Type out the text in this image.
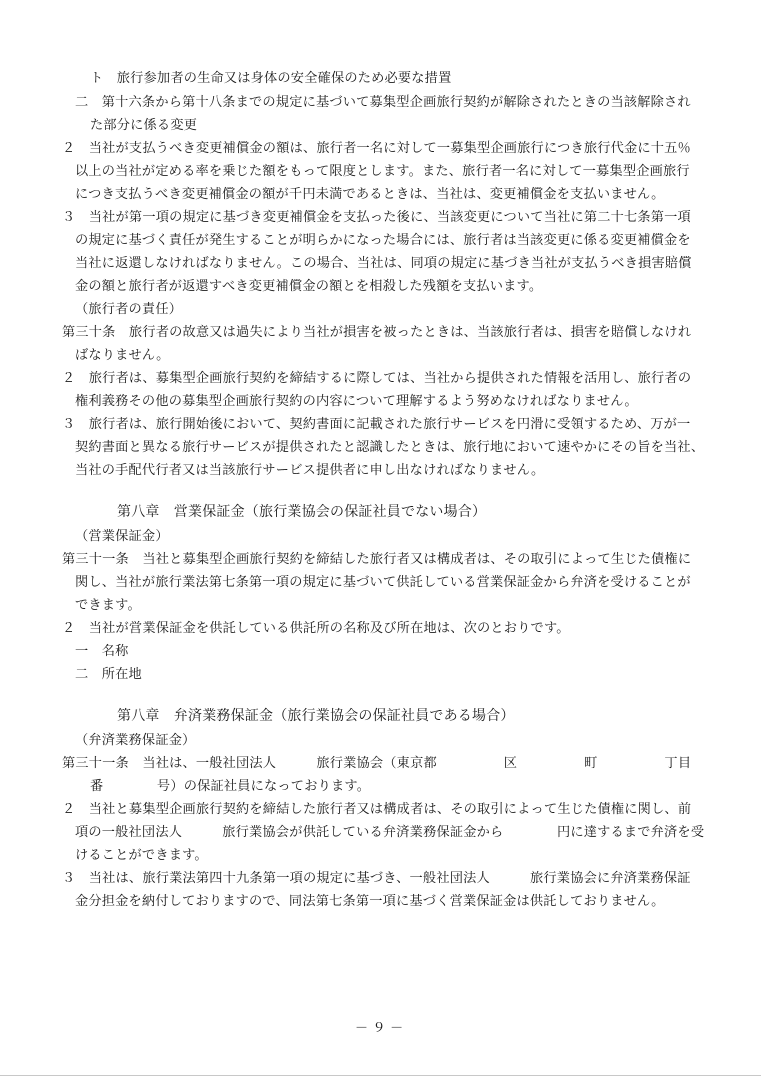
ト　旅行参加者の生命又は身体の安全確保のため必要な措置
二　第十六条から第十八条までの規定に基づいて募集型企画旅行契約が解除されたときの当該解除され
た部分に係る変更
２　当社が支払うべき変更補償金の額は、旅行者一名に対して一募集型企画旅行につき旅行代金に十五％
以上の当社が定める率を乗じた額をもって限度とします。また、旅行者一名に対して一募集型企画旅行
につき支払うべき変更補償金の額が千円未満であるときは、当社は、変更補償金を支払いません。
３　当社が第一項の規定に基づき変更補償金を支払った後に、当該変更について当社に第二十七条第一項
の規定に基づく責任が発生することが明らかになった場合には、旅行者は当該変更に係る変更補償金を
当社に返還しなければなりません。この場合、当社は、同項の規定に基づき当社が支払うべき損害賠償
金の額と旅行者が返還すべき変更補償金の額とを相殺した残額を支払います。
（旅行者の責任）
第三十条　旅行者の故意又は過失により当社が損害を被ったときは、当該旅行者は、損害を賠償しなけれ
ばなりません。
２　旅行者は、募集型企画旅行契約を締結するに際しては、当社から提供された情報を活用し、旅行者の
権利義務その他の募集型企画旅行契約の内容について理解するよう努めなければなりません。
３　旅行者は、旅行開始後において、契約書面に記載された旅行サービスを円滑に受領するため、万が一
契約書面と異なる旅行サービスが提供されたと認識したときは、旅行地において速やかにその旨を当社、
当社の手配代行者又は当該旅行サービス提供者に申し出なければなりません。
第八章　営業保証金（旅行業協会の保証社員でない場合）
（営業保証金）
第三十一条　当社と募集型企画旅行契約を締結した旅行者又は構成者は、その取引によって生じた債権に
関し、当社が旅行業法第七条第一項の規定に基づいて供託している営業保証金から弁済を受けることが
できます。
２　当社が営業保証金を供託している供託所の名称及び所在地は、次のとおりです。
一　名称
二　所在地
第八章　弁済業務保証金（旅行業協会の保証社員である場合）
（弁済業務保証金）
第三十一条　当社は、一般社団法人　　　旅行業協会（東京都　　　　　区　　　　　町　　　　　丁目
番　　　　号）の保証社員になっております。
２　当社と募集型企画旅行契約を締結した旅行者又は構成者は、その取引によって生じた債権に関し、前
項の一般社団法人　　　旅行業協会が供託している弁済業務保証金から　　　　円に達するまで弁済を受
けることができます。
３　当社は、旅行業法第四十九条第一項の規定に基づき、一般社団法人　　　旅行業協会に弁済業務保証
金分担金を納付しておりますので、同法第七条第一項に基づく営業保証金は供託しておりません。
－ ９ －
